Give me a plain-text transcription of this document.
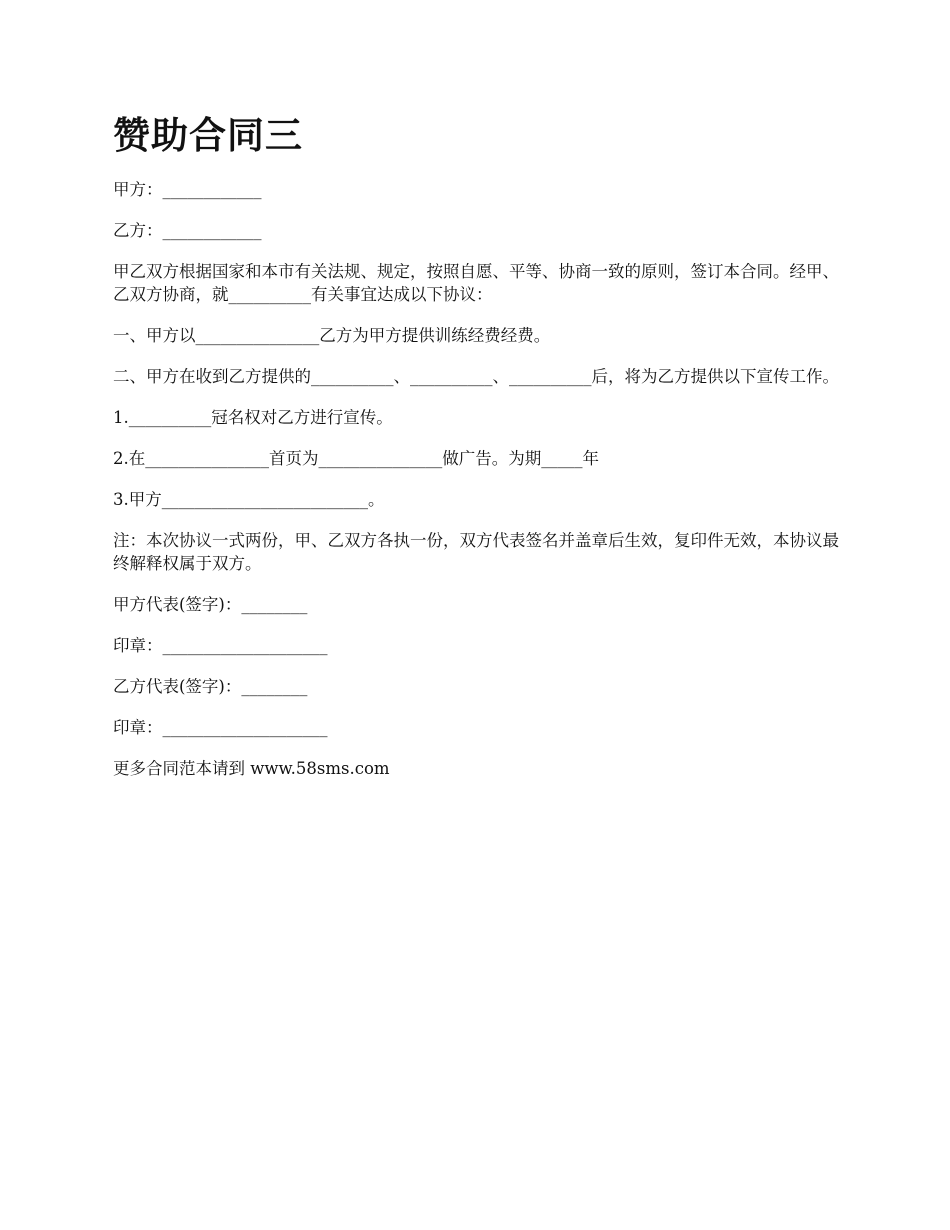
赞助合同三

甲方：____________

乙方：____________

甲乙双方根据国家和本市有关法规、规定，按照自愿、平等、协商一致的原则，签订本合同。经甲、乙双方协商，就__________有关事宜达成以下协议：

一、甲方以_______________乙方为甲方提供训练经费经费。

二、甲方在收到乙方提供的__________、__________、__________后，将为乙方提供以下宣传工作。

1.__________冠名权对乙方进行宣传。

2.在_______________首页为_______________做广告。为期_____年

3.甲方_________________________。

注：本次协议一式两份，甲、乙双方各执一份，双方代表签名并盖章后生效，复印件无效，本协议最终解释权属于双方。

甲方代表(签字)：________

印章：____________________

乙方代表(签字)：________

印章：____________________

更多合同范本请到 www.58sms.com
